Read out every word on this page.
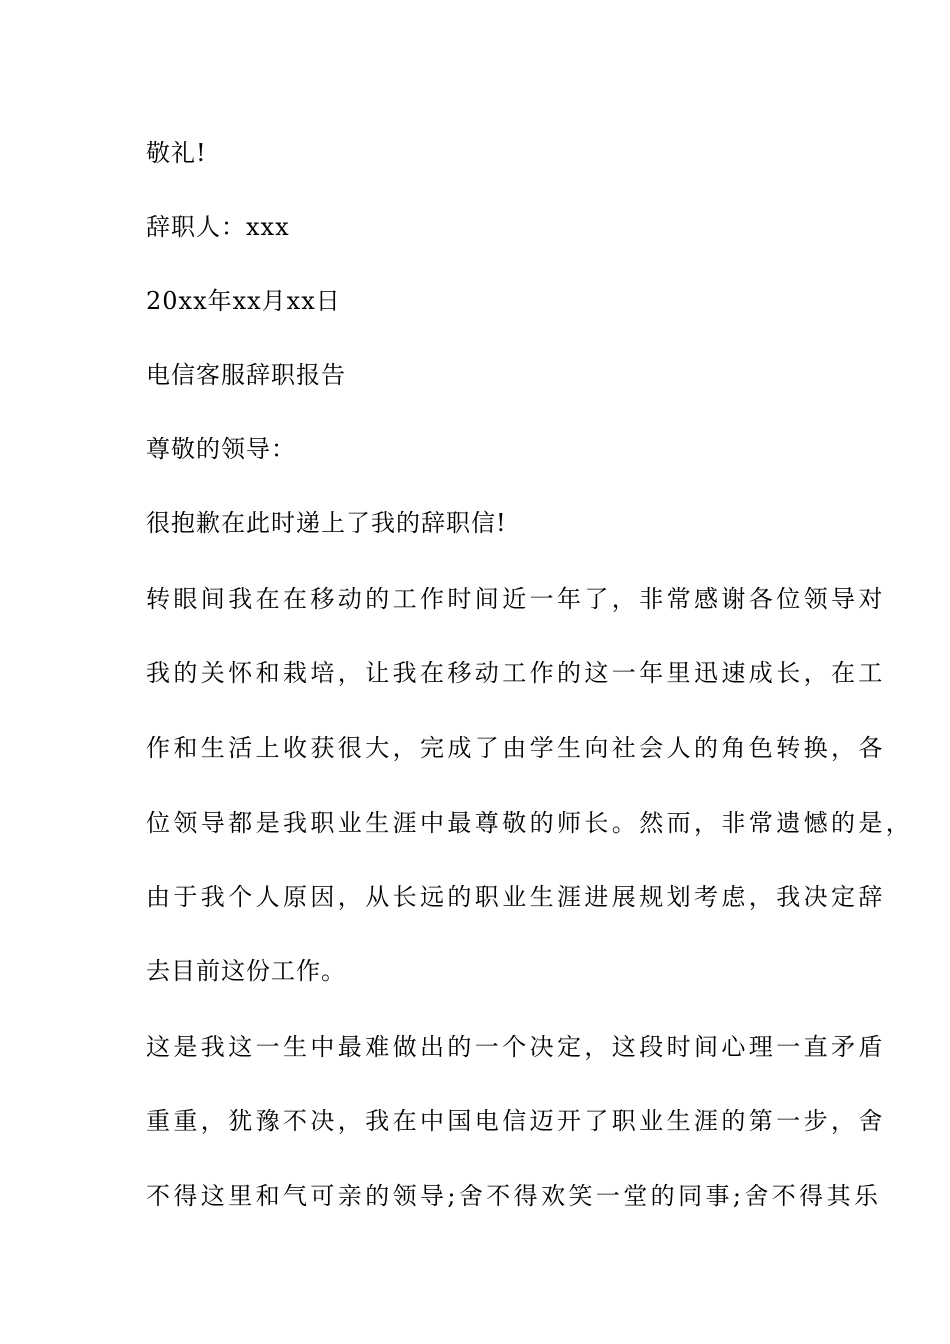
敬礼!
辞职人：xxx
20xx年xx月xx日
电信客服辞职报告
尊敬的领导：
很抱歉在此时递上了我的辞职信!
转眼间我在在移动的工作时间近一年了，非常感谢各位领导对
我的关怀和栽培，让我在移动工作的这一年里迅速成长，在工
作和生活上收获很大，完成了由学生向社会人的角色转换，各
位领导都是我职业生涯中最尊敬的师长。然而，非常遗憾的是，
由于我个人原因，从长远的职业生涯进展规划考虑，我决定辞
去目前这份工作。
这是我这一生中最难做出的一个决定，这段时间心理一直矛盾
重重，犹豫不决，我在中国电信迈开了职业生涯的第一步，舍
不得这里和气可亲的领导;舍不得欢笑一堂的同事;舍不得其乐
